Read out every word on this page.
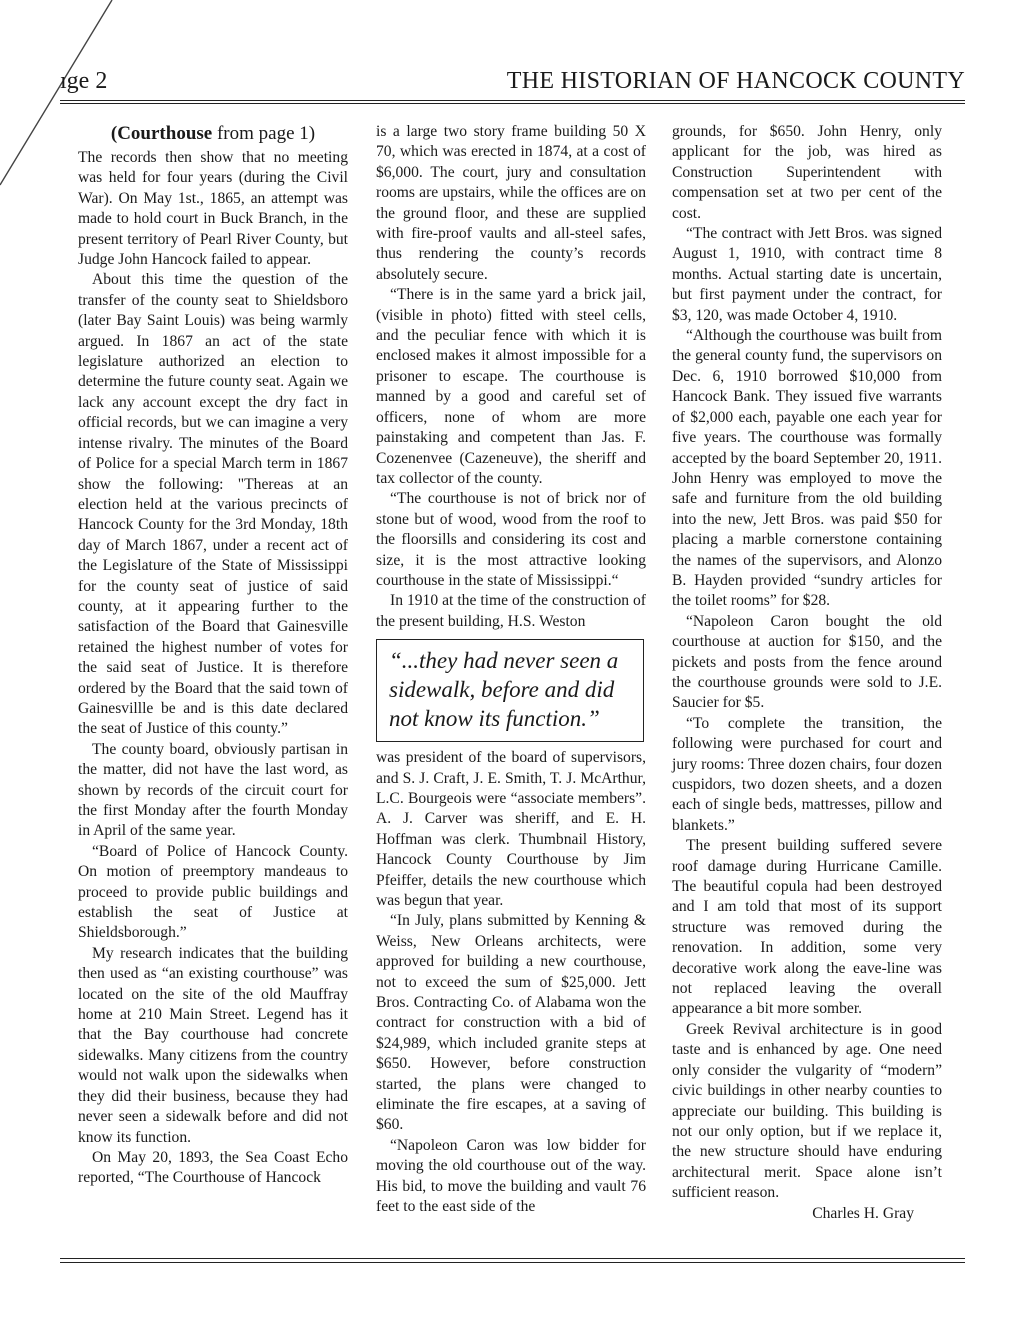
ıge 2	THE HISTORIAN OF HANCOCK COUNTY
(Courthouse from page 1)

The records then show that no meeting was held for four years (during the Civil War). On May 1st., 1865, an attempt was made to hold court in Buck Branch, in the present territory of Pearl River County, but Judge John Hancock failed to appear.

About this time the question of the transfer of the county seat to Shieldsboro (later Bay Saint Louis) was being warmly argued. In 1867 an act of the state legislature authorized an election to determine the future county seat. Again we lack any account except the dry fact in official records, but we can imagine a very intense rivalry. The minutes of the Board of Police for a special March term in 1867 show the following: "Thereas at an election held at the various precincts of Hancock County for the 3rd Monday, 18th day of March 1867, under a recent act of the Legislature of the State of Mississippi for the county seat of justice of said county, at it appearing further to the satisfaction of the Board that Gainesville retained the highest number of votes for the said seat of Justice. It is therefore ordered by the Board that the said town of Gainesvillle be and is this date declared the seat of Justice of this county.”

The county board, obviously partisan in the matter, did not have the last word, as shown by records of the circuit court for the first Monday after the fourth Monday in April of the same year.

“Board of Police of Hancock County. On motion of preemptory mandeaus to proceed to provide public buildings and establish the seat of Justice at Shieldsborough.”

My research indicates that the building then used as “an existing courthouse” was located on the site of the old Mauffray home at 210 Main Street. Legend has it that the Bay courthouse had concrete sidewalks. Many citizens from the country would not walk upon the sidewalks when they did their business, because they had never seen a sidewalk before and did not know its function.

On May 20, 1893, the Sea Coast Echo reported, “The Courthouse of Hancock

is a large two story frame building 50 X 70, which was erected in 1874, at a cost of $6,000. The court, jury and consultation rooms are upstairs, while the offices are on the ground floor, and these are supplied with fire-proof vaults and all-steel safes, thus rendering the county’s records absolutely secure.

“There is in the same yard a brick jail, (visible in photo) fitted with steel cells, and the peculiar fence with which it is enclosed makes it almost impossible for a prisoner to escape. The courthouse is manned by a good and careful set of officers, none of whom are more painstaking and competent than Jas. F. Cozenenvee (Cazeneuve), the sheriff and tax collector of the county.

“The courthouse is not of brick nor of stone but of wood, wood from the roof to the floorsills and considering its cost and size, it is the most attractive looking courthouse in the state of Mississippi.“

In 1910 at the time of the construction of the present building, H.S. Weston

“...they had never seen a sidewalk, before and did not know its function.”

was president of the board of supervisors, and S. J. Craft, J. E. Smith, T. J. McArthur, L.C. Bourgeois were “associate members”. A. J. Carver was sheriff, and E. H. Hoffman was clerk. Thumbnail History, Hancock County Courthouse by Jim Pfeiffer, details the new courthouse which was begun that year.

“In July, plans submitted by Kenning & Weiss, New Orleans architects, were approved for building a new courthouse, not to exceed the sum of $25,000. Jett Bros. Contracting Co. of Alabama won the contract for construction with a bid of $24,989, which included granite steps at $650. However, before construction started, the plans were changed to eliminate the fire escapes, at a saving of $60.

“Napoleon Caron was low bidder for moving the old courthouse out of the way. His bid, to move the building and vault 76 feet to the east side of the

grounds, for $650. John Henry, only applicant for the job, was hired as Construction Superintendent with compensation set at two per cent of the cost.

“The contract with Jett Bros. was signed August 1, 1910, with contract time 8 months. Actual starting date is uncertain, but first payment under the contract, for $3, 120, was made October 4, 1910.

“Although the courthouse was built from the general county fund, the supervisors on Dec. 6, 1910 borrowed $10,000 from Hancock Bank. They issued five warrants of $2,000 each, payable one each year for five years. The courthouse was formally accepted by the board September 20, 1911. John Henry was employed to move the safe and furniture from the old building into the new, Jett Bros. was paid $50 for placing a marble cornerstone containing the names of the supervisors, and Alonzo B. Hayden provided “sundry articles for the toilet rooms” for $28.

“Napoleon Caron bought the old courthouse at auction for $150, and the pickets and posts from the fence around the courthouse grounds were sold to J.E. Saucier for $5.

“To complete the transition, the following were purchased for court and jury rooms: Three dozen chairs, four dozen cuspidors, two dozen sheets, and a dozen each of single beds, mattresses, pillow and blankets.”

The present building suffered severe roof damage during Hurricane Camille. The beautiful copula had been destroyed and I am told that most of its support structure was removed during the renovation. In addition, some very decorative work along the eave-line was not replaced leaving the overall appearance a bit more somber.

Greek Revival architecture is in good taste and is enhanced by age. One need only consider the vulgarity of “modern” civic buildings in other nearby counties to appreciate our building. This building is not our only option, but if we replace it, the new structure should have enduring architectural merit. Space alone isn’t sufficient reason.

Charles H. Gray
